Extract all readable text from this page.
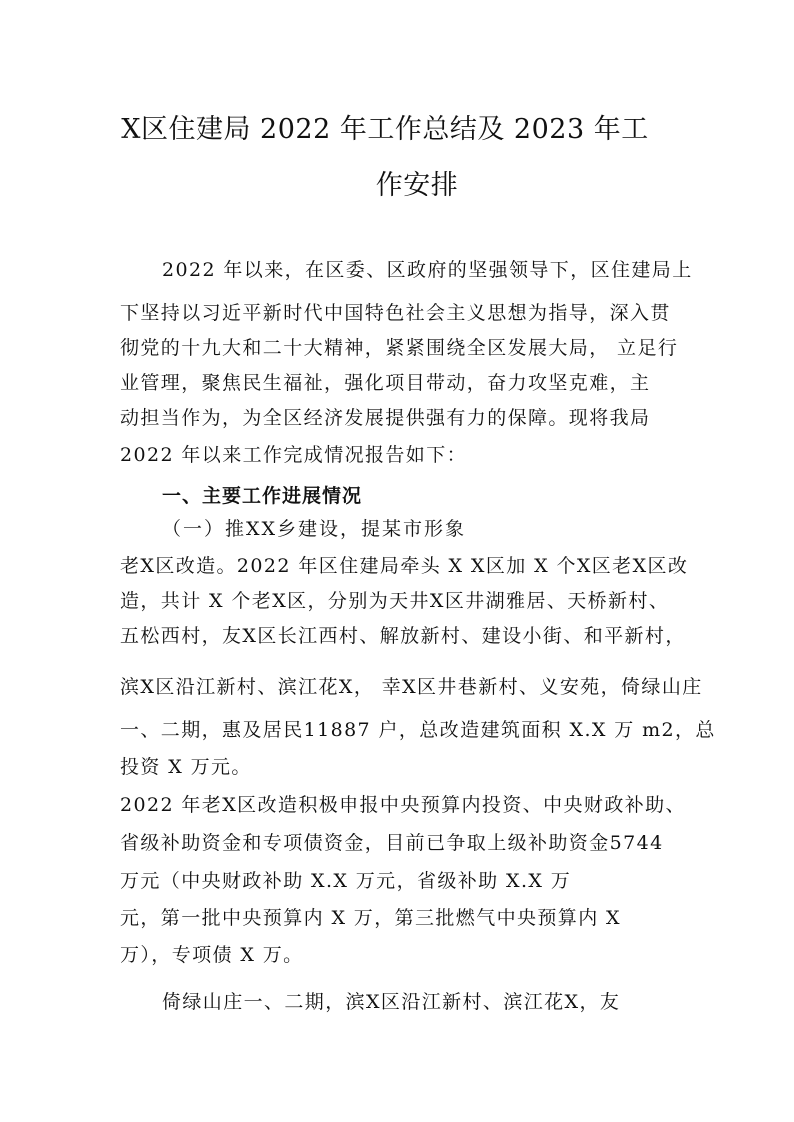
X区住建局 2022 年工作总结及 2023 年工
作安排
2022 年以来，在区委、区政府的坚强领导下，区住建局上
下坚持以习近平新时代中国特色社会主义思想为指导，深入贯
彻党的十九大和二十大精神，紧紧围绕全区发展大局， 立足行
业管理，聚焦民生福祉，强化项目带动，奋力攻坚克难，主
动担当作为，为全区经济发展提供强有力的保障。现将我局
2022 年以来工作完成情况报告如下：
一、主要工作进展情况
（一）推XX乡建设，提某市形象
老X区改造。2022 年区住建局牵头 X X区加 X 个X区老X区改
造，共计 X 个老X区，分别为天井X区井湖雅居、天桥新村、
五松西村，友X区长江西村、解放新村、建设小街、和平新村，
滨X区沿江新村、滨江花X， 幸X区井巷新村、义安苑，倚绿山庄
一、二期，惠及居民11887 户，总改造建筑面积 X.X 万 m2，总
投资 X 万元。
2022 年老X区改造积极申报中央预算内投资、中央财政补助、
省级补助资金和专项债资金，目前已争取上级补助资金5744
万元（中央财政补助 X.X 万元，省级补助 X.X 万
元，第一批中央预算内 X 万，第三批燃气中央预算内 X
万），专项债 X 万。
倚绿山庄一、二期，滨X区沿江新村、滨江花X，友
